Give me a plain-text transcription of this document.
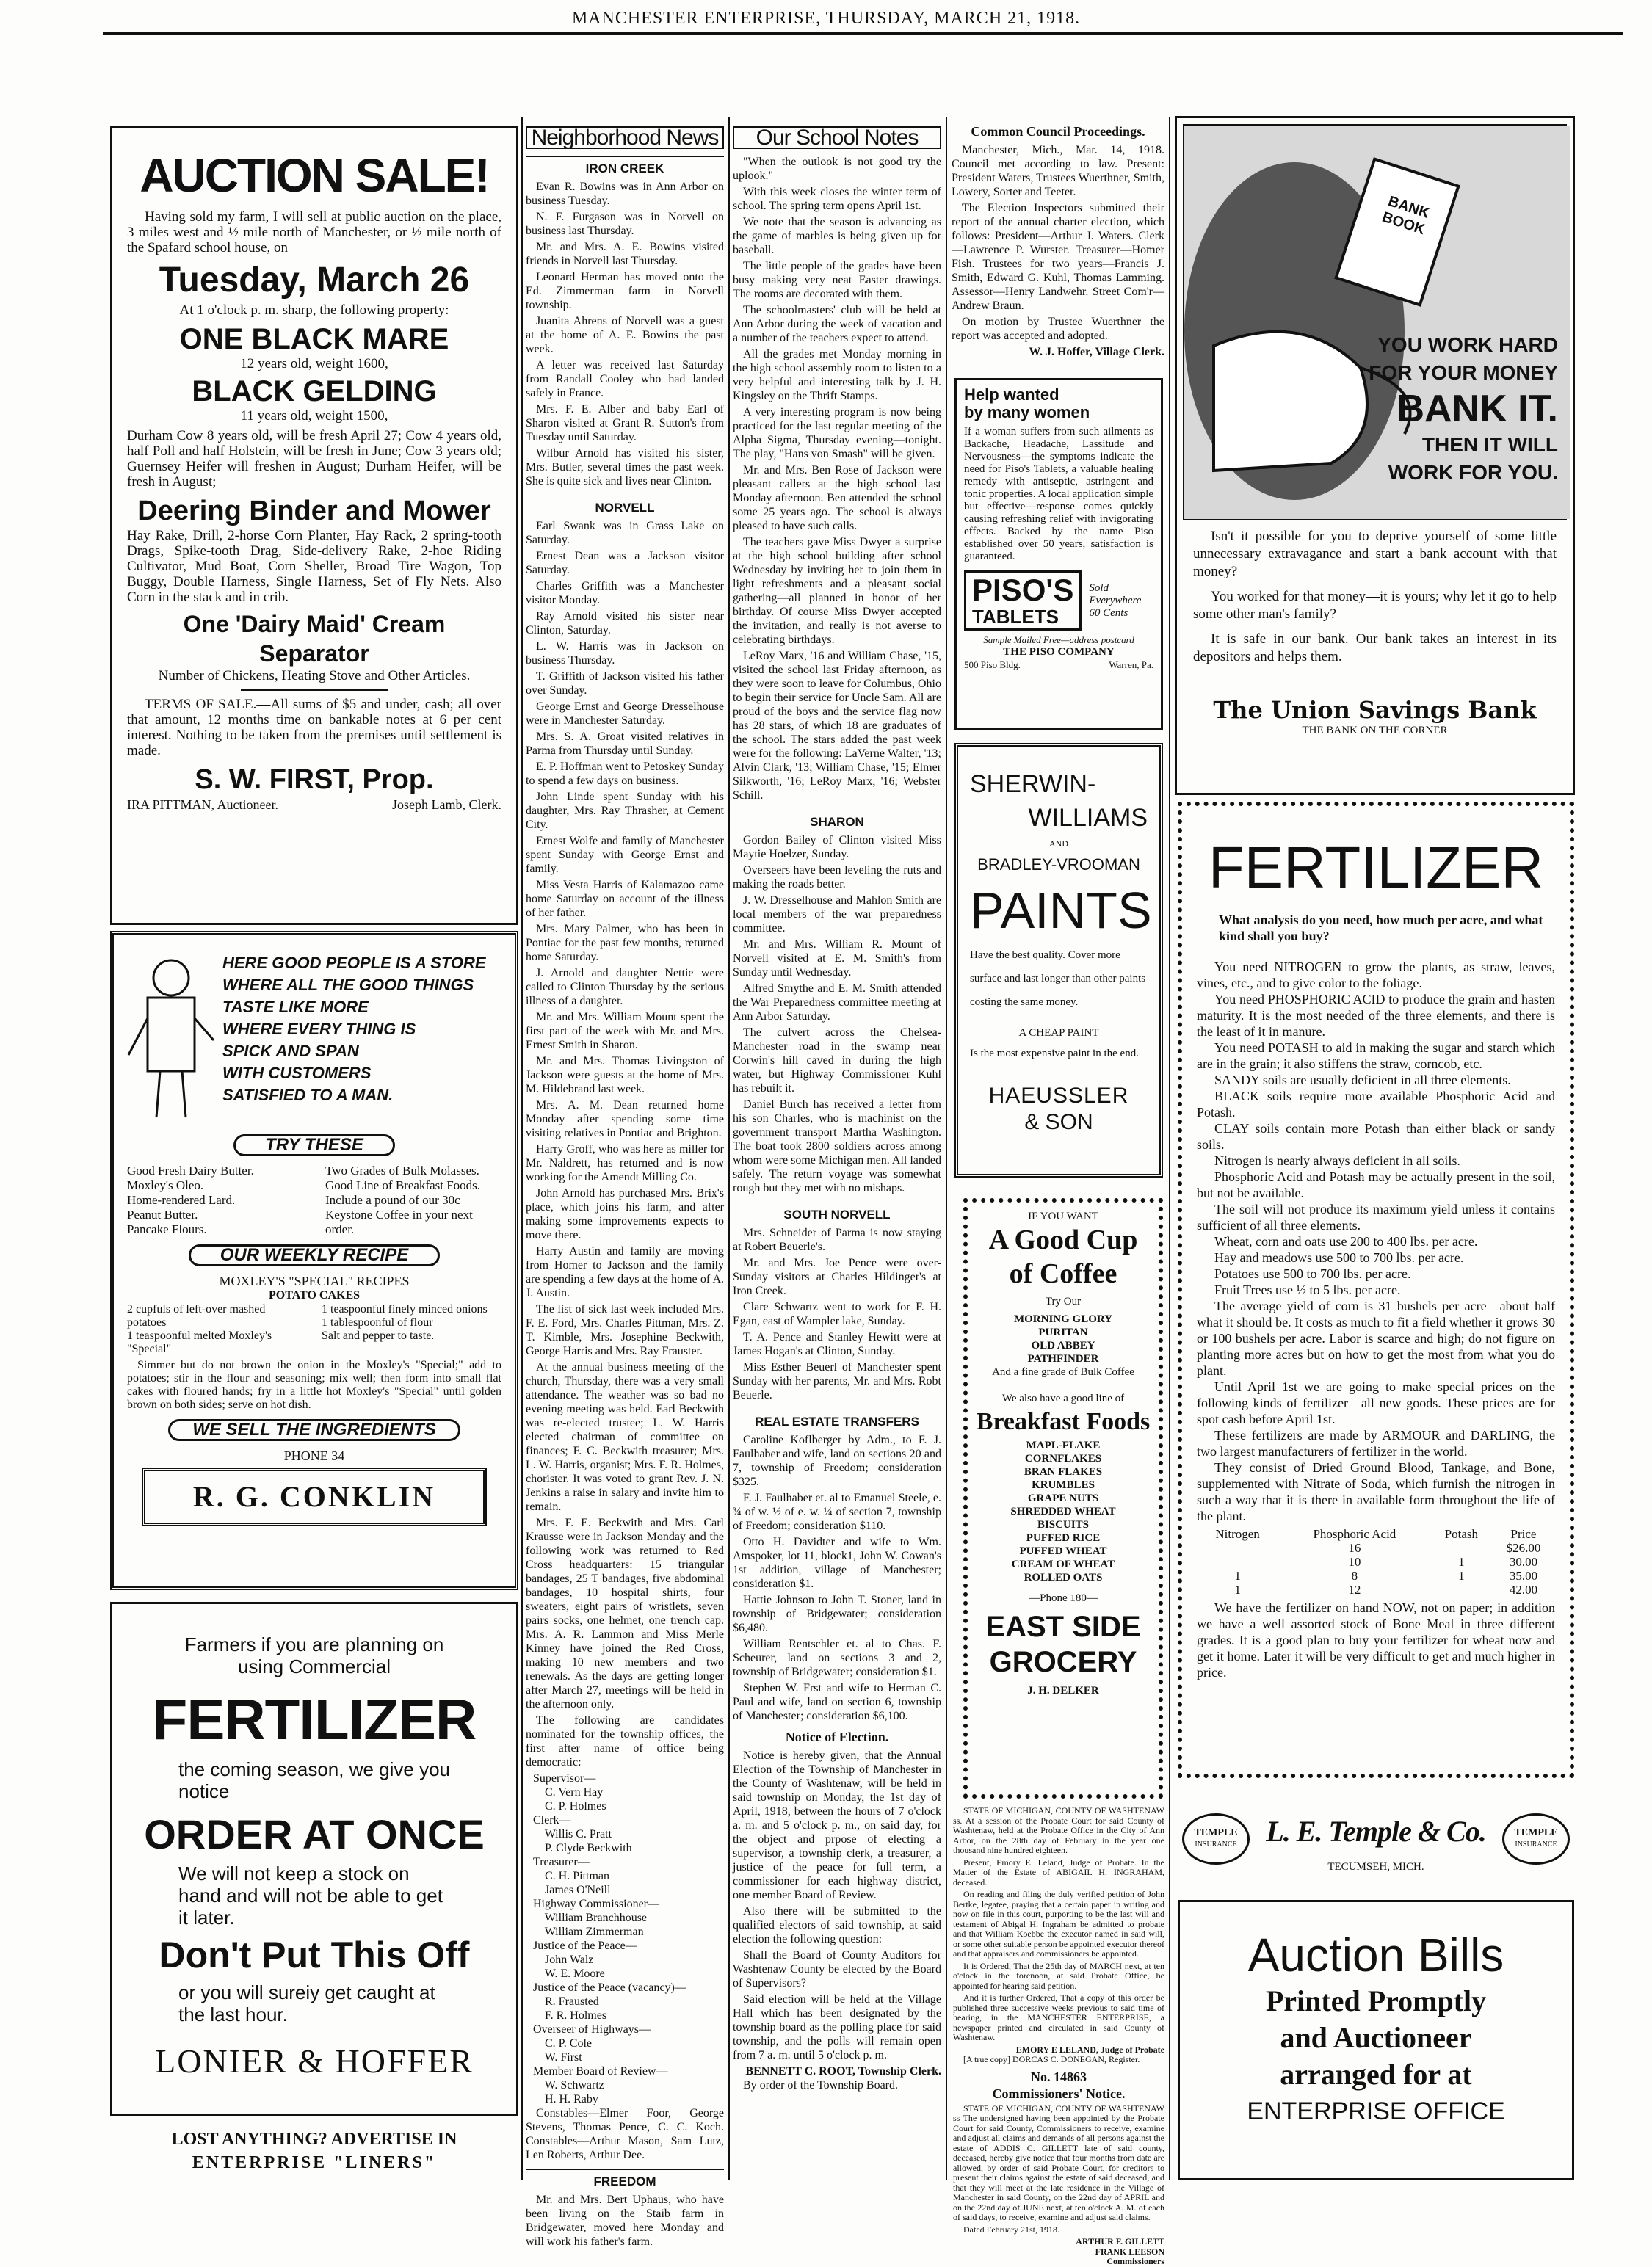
MANCHESTER ENTERPRISE, THURSDAY, MARCH 21, 1918.
AUCTION SALE!
Having sold my farm, I will sell at public auction on the place, 3 miles west and ½ mile north of Manchester, or ½ mile north of the Spafard school house, on
Tuesday, March 26
At 1 o'clock p. m. sharp, the following property:
ONE BLACK MARE
12 years old, weight 1600,
BLACK GELDING
11 years old, weight 1500,
Durham Cow 8 years old, will be fresh April 27; Cow 4 years old, half Poll and half Holstein, will be fresh in June; Cow 3 years old; Guernsey Heifer will freshen in August; Durham Heifer, will be fresh in August;
Deering Binder and Mower
Hay Rake, Drill, 2-horse Corn Planter, Hay Rack, 2 spring-tooth Drags, Spike-tooth Drag, Side-delivery Rake, 2-hoe Riding Cultivator, Mud Boat, Corn Sheller, Broad Tire Wagon, Top Buggy, Double Harness, Single Harness, Set of Fly Nets. Also Corn in the stack and in crib.
One 'Dairy Maid' Cream Separator
Number of Chickens, Heating Stove and Other Articles.
TERMS OF SALE.—All sums of $5 and under, cash; all over that amount, 12 months time on bankable notes at 6 per cent interest. Nothing to be taken from the premises until settlement is made.
S. W. FIRST, Prop.
IRA PITTMAN, Auctioneer.	Joseph Lamb, Clerk.
HERE GOOD PEOPLE IS A STORE
WHERE ALL THE GOOD THINGS
TASTE LIKE MORE
WHERE EVERY THING IS
SPICK AND SPAN
WITH CUSTOMERS
SATISFIED TO A MAN.
TRY THESE
Good Fresh Dairy Butter.
Moxley's Oleo.
Home-rendered Lard.
Peanut Butter.
Pancake Flours.
Two Grades of Bulk Molasses.
Good Line of Breakfast Foods.
Include a pound of our 30c Keystone Coffee in your next order.
OUR WEEKLY RECIPE
MOXLEY'S "SPECIAL" RECIPES
POTATO CAKES
2 cupfuls of left-over mashed potatoes
1 teaspoonful melted Moxley's "Special"
1 teaspoonful finely minced onions
1 tablespoonful of flour
Salt and pepper to taste.
Simmer but do not brown the onion in the Moxley's "Special;" add to potatoes; stir in the flour and seasoning; mix well; then form into small flat cakes with floured hands; fry in a little hot Moxley's "Special" until golden brown on both sides; serve on hot dish.
WE SELL THE INGREDIENTS
PHONE 34
R. G. CONKLIN
Farmers if you are planning on using Commercial
FERTILIZER
the coming season, we give you notice
ORDER AT ONCE
We will not keep a stock on hand and will not be able to get it later.
Don't Put This Off
or you will sureiy get caught at the last hour.
LONIER & HOFFER
LOST ANYTHING? ADVERTISE IN
ENTERPRISE "LINERS"
Neighborhood News
IRON CREEK
Evan R. Bowins was in Ann Arbor on business Tuesday.
N. F. Furgason was in Norvell on business last Thursday.
Mr. and Mrs. A. E. Bowins visited friends in Norvell last Thursday.
Leonard Herman has moved onto the Ed. Zimmerman farm in Norvell township.
Juanita Ahrens of Norvell was a guest at the home of A. E. Bowins the past week.
A letter was received last Saturday from Randall Cooley who had landed safely in France.
Mrs. F. E. Alber and baby Earl of Sharon visited at Grant R. Sutton's from Tuesday until Saturday.
Wilbur Arnold has visited his sister, Mrs. Butler, several times the past week. She is quite sick and lives near Clinton.
NORVELL
Earl Swank was in Grass Lake on Saturday.
Ernest Dean was a Jackson visitor Saturday.
Charles Griffith was a Manchester visitor Monday.
Ray Arnold visited his sister near Clinton, Saturday.
L. W. Harris was in Jackson on business Thursday.
T. Griffith of Jackson visited his father over Sunday.
George Ernst and George Dresselhouse were in Manchester Saturday.
Mrs. S. A. Groat visited relatives in Parma from Thursday until Sunday.
E. P. Hoffman went to Petoskey Sunday to spend a few days on business.
John Linde spent Sunday with his daughter, Mrs. Ray Thrasher, at Cement City.
Ernest Wolfe and family of Manchester spent Sunday with George Ernst and family.
Miss Vesta Harris of Kalamazoo came home Saturday on account of the illness of her father.
Mrs. Mary Palmer, who has been in Pontiac for the past few months, returned home Saturday.
J. Arnold and daughter Nettie were called to Clinton Thursday by the serious illness of a daughter.
Mr. and Mrs. William Mount spent the first part of the week with Mr. and Mrs. Ernest Smith in Sharon.
Mr. and Mrs. Thomas Livingston of Jackson were guests at the home of Mrs. M. Hildebrand last week.
Mrs. A. M. Dean returned home Monday after spending some time visiting relatives in Pontiac and Brighton.
Harry Groff, who was here as miller for Mr. Naldrett, has returned and is now working for the Amendt Milling Co.
John Arnold has purchased Mrs. Brix's place, which joins his farm, and after making some improvements expects to move there.
Harry Austin and family are moving from Homer to Jackson and the family are spending a few days at the home of A. J. Austin.
The list of sick last week included Mrs. F. E. Ford, Mrs. Charles Pittman, Mrs. Z. T. Kimble, Mrs. Josephine Beckwith, George Harris and Mrs. Ray Frauster.
At the annual business meeting of the church, Thursday, there was a very small attendance. The weather was so bad no evening meeting was held. Earl Beckwith was re-elected trustee; L. W. Harris elected chairman of committee on finances; F. C. Beckwith treasurer; Mrs. L. W. Harris, organist; Mrs. F. R. Holmes, chorister. It was voted to grant Rev. J. N. Jenkins a raise in salary and invite him to remain.
Mrs. F. E. Beckwith and Mrs. Carl Krausse were in Jackson Monday and the following work was returned to Red Cross headquarters: 15 triangular bandages, 25 T bandages, five abdominal bandages, 10 hospital shirts, four sweaters, eight pairs of wristlets, seven pairs socks, one helmet, one trench cap. Mrs. A. R. Lammon and Miss Merle Kinney have joined the Red Cross, making 10 new members and two renewals. As the days are getting longer after March 27, meetings will be held in the afternoon only.
The following are candidates nominated for the township offices, the first after name of office being democratic:
Supervisor—
C. Vern Hay
C. P. Holmes
Clerk—
Willis C. Pratt
P. Clyde Beckwith
Treasurer—
C. H. Pittman
James O'Neill
Highway Commissioner—
William Branchhouse
William Zimmerman
Justice of the Peace—
John Walz
W. E. Moore
Justice of the Peace (vacancy)—
R. Frausted
F. R. Holmes
Overseer of Highways—
C. P. Cole
W. First
Member Board of Review—
W. Schwartz
H. H. Raby
Constables—Elmer Foor, George Stevens, Thomas Pence, C. C. Koch. Constables—Arthur Mason, Sam Lutz, Len Roberts, Arthur Dee.
FREEDOM
Mr. and Mrs. Bert Uphaus, who have been living on the Staib farm in Bridgewater, moved here Monday and will work his father's farm.
Our School Notes
"When the outlook is not good try the uplook."
With this week closes the winter term of school. The spring term opens April 1st.
We note that the season is advancing as the game of marbles is being given up for baseball.
The little people of the grades have been busy making very neat Easter drawings. The rooms are decorated with them.
The schoolmasters' club will be held at Ann Arbor during the week of vacation and a number of the teachers expect to attend.
All the grades met Monday morning in the high school assembly room to listen to a very helpful and interesting talk by J. H. Kingsley on the Thrift Stamps.
A very interesting program is now being practiced for the last regular meeting of the Alpha Sigma, Thursday evening—tonight. The play, "Hans von Smash" will be given.
Mr. and Mrs. Ben Rose of Jackson were pleasant callers at the high school last Monday afternoon. Ben attended the school some 25 years ago. The school is always pleased to have such calls.
The teachers gave Miss Dwyer a surprise at the high school building after school Wednesday by inviting her to join them in light refreshments and a pleasant social gathering—all planned in honor of her birthday. Of course Miss Dwyer accepted the invitation, and really is not averse to celebrating birthdays.
LeRoy Marx, '16 and William Chase, '15, visited the school last Friday afternoon, as they were soon to leave for Columbus, Ohio to begin their service for Uncle Sam. All are proud of the boys and the service flag now has 28 stars, of which 18 are graduates of the school. The stars added the past week were for the following: LaVerne Walter, '13; Alvin Clark, '13; William Chase, '15; Elmer Silkworth, '16; LeRoy Marx, '16; Webster Schill.
SHARON
Gordon Bailey of Clinton visited Miss Maytie Hoelzer, Sunday.
Overseers have been leveling the ruts and making the roads better.
J. W. Dresselhouse and Mahlon Smith are local members of the war preparedness committee.
Mr. and Mrs. William R. Mount of Norvell visited at E. M. Smith's from Sunday until Wednesday.
Alfred Smythe and E. M. Smith attended the War Preparedness committee meeting at Ann Arbor Saturday.
The culvert across the Chelsea-Manchester road in the swamp near Corwin's hill caved in during the high water, but Highway Commissioner Kuhl has rebuilt it.
Daniel Burch has received a letter from his son Charles, who is machinist on the government transport Martha Washington. The boat took 2800 soldiers across among whom were some Michigan men. All landed safely. The return voyage was somewhat rough but they met with no mishaps.
SOUTH NORVELL
Mrs. Schneider of Parma is now staying at Robert Beuerle's.
Mr. and Mrs. Joe Pence were over-Sunday visitors at Charles Hildinger's at Iron Creek.
Clare Schwartz went to work for F. H. Egan, east of Wampler lake, Sunday.
T. A. Pence and Stanley Hewitt were at James Hogan's at Clinton, Sunday.
Miss Esther Beuerl of Manchester spent Sunday with her parents, Mr. and Mrs. Robt Beuerle.
REAL ESTATE TRANSFERS
Caroline Koflberger by Adm., to F. J. Faulhaber and wife, land on sections 20 and 7, township of Freedom; consideration $325.
F. J. Faulhaber et. al to Emanuel Steele, e. ¾ of w. ½ of e. w. ¼ of section 7, township of Freedom; consideration $110.
Otto H. Davidter and wife to Wm. Amspoker, lot 11, block1, John W. Cowan's 1st addition, village of Manchester; consideration $1.
Hattie Johnson to John T. Stoner, land in township of Bridgewater; consideration $6,480.
William Rentschler et. al to Chas. F. Scheurer, land on sections 3 and 2, township of Bridgewater; consideration $1.
Stephen W. Frst and wife to Herman C. Paul and wife, land on section 6, township of Manchester; consideration $6,100.
Notice of Election.
Notice is hereby given, that the Annual Election of the Township of Manchester in the County of Washtenaw, will be held in said township on Monday, the 1st day of April, 1918, between the hours of 7 o'clock a. m. and 5 o'clock p. m., on said day, for the object and prpose of electing a supervisor, a township clerk, a treasurer, a justice of the peace for full term, a commissioner for each highway district, one member Board of Review.
Also there will be submitted to the qualified electors of said township, at said election the following question:
Shall the Board of County Auditors for Washtenaw County be elected by the Board of Supervisors?
Said election will be held at the Village Hall which has been designated by the township board as the polling place for said township, and the polls will remain open from 7 a. m. until 5 o'clock p. m.
BENNETT C. ROOT, Township Clerk.
By order of the Township Board.
Common Council Proceedings.
Manchester, Mich., Mar. 14, 1918. Council met according to law. Present: President Waters, Trustees Wuerthner, Smith, Lowery, Sorter and Teeter.
The Election Inspectors submitted their report of the annual charter election, which follows: President—Arthur J. Waters. Clerk—Lawrence P. Wurster. Treasurer—Homer Fish. Trustees for two years—Francis J. Smith, Edward G. Kuhl, Thomas Lamming. Assessor—Henry Landwehr. Street Com'r—Andrew Braun.
On motion by Trustee Wuerthner the report was accepted and adopted.
W. J. Hoffer, Village Clerk.
Help wanted
by many women
If a woman suffers from such ailments as Backache, Headache, Lassitude and Nervousness—the symptoms indicate the need for Piso's Tablets, a valuable healing remedy with antiseptic, astringent and tonic properties. A local application simple but effective—response comes quickly causing refreshing relief with invigorating effects. Backed by the name Piso established over 50 years, satisfaction is guaranteed.
PISO'S
TABLETS
Sold Everywhere 60 Cents
Sample Mailed Free—address postcard
THE PISO COMPANY
500 Piso Bldg.	Warren, Pa.
SHERWIN-
WILLIAMS
AND
BRADLEY-VROOMAN
PAINTS
Have the best quality. Cover more surface and last longer than other paints costing the same money.
A CHEAP PAINT
Is the most expensive paint in the end.
HAEUSSLER
& SON
IF YOU WANT
A Good Cup
of Coffee
Try Our
MORNING GLORY
PURITAN
OLD ABBEY
PATHFINDER
And a fine grade of Bulk Coffee
We also have a good line of
Breakfast Foods
MAPL-FLAKE
CORNFLAKES
BRAN FLAKES
KRUMBLES
GRAPE NUTS
SHREDDED WHEAT
BISCUITS
PUFFED RICE
PUFFED WHEAT
CREAM OF WHEAT
ROLLED OATS
—Phone 180—
EAST SIDE
GROCERY
J. H. DELKER
STATE OF MICHIGAN, COUNTY OF WASHTENAW ss. At a session of the Probate Court for said County of Washtenaw, held at the Probate Office in the City of Ann Arbor, on the 28th day of February in the year one thousand nine hundred eighteen.
Present, Emory E. Leland, Judge of Probate. In the Matter of the Estate of ABIGAIL H. INGRAHAM, deceased.
On reading and filing the duly verified petition of John Bertke, legatee, praying that a certain paper in writing and now on file in this court, purporting to be the last will and testament of Abigal H. Ingraham be admitted to probate and that William Koebbe the executor named in said will, or some other suitable person be appointed executor thereof and that appraisers and commissioners be appointed.
It is Ordered, That the 25th day of MARCH next, at ten o'clock in the forenoon, at said Probate Office, be appointed for hearing said petition.
And it is further Ordered, That a copy of this order be published three successive weeks previous to said time of hearing, in the MANCHESTER ENTERPRISE, a newspaper printed and circulated in said County of Washtenaw.
EMORY E LELAND, Judge of Probate
[A true copy] DORCAS C. DONEGAN, Register.
No. 14863
Commissioners' Notice.
STATE OF MICHIGAN, COUNTY OF WASHTENAW ss The undersigned having been appointed by the Probate Court for said County, Commissioners to receive, examine and adjust all claims and demands of all persons against the estate of ADDIS C. GILLETT late of said county, deceased, hereby give notice that four months from date are allowed, by order of said Probate Court, for creditors to present their claims against the estate of said deceased, and that they will meet at the late residence in the Village of Manchester in said County, on the 22nd day of APRIL and on the 22nd day of JUNE next, at ten o'clock A. M. of each of said days, to receive, examine and adjust said claims.
Dated February 21st, 1918.
ARTHUR F. GILLETT
FRANK LEESON
Commissioners
BANK BOOK
YOU WORK HARD
FOR YOUR MONEY
BANK IT.
THEN IT WILL
WORK FOR YOU.
Isn't it possible for you to deprive yourself of some little unnecessary extravagance and start a bank account with that money?
You worked for that money—it is yours; why let it go to help some other man's family?
It is safe in our bank. Our bank takes an interest in its depositors and helps them.
The Union Savings Bank
THE BANK ON THE CORNER
FERTILIZER
What analysis do you need, how much per acre, and what kind shall you buy?
You need NITROGEN to grow the plants, as straw, leaves, vines, etc., and to give color to the foliage.
You need PHOSPHORIC ACID to produce the grain and hasten maturity. It is the most needed of the three elements, and there is the least of it in manure.
You need POTASH to aid in making the sugar and starch which are in the grain; it also stiffens the straw, corncob, etc.
SANDY soils are usually deficient in all three elements.
BLACK soils require more available Phosphoric Acid and Potash.
CLAY soils contain more Potash than either black or sandy soils.
Nitrogen is nearly always deficient in all soils.
Phosphoric Acid and Potash may be actually present in the soil, but not be available.
The soil will not produce its maximum yield unless it contains sufficient of all three elements.
Wheat, corn and oats use 200 to 400 lbs. per acre.
Hay and meadows use 500 to 700 lbs. per acre.
Potatoes use 500 to 700 lbs. per acre.
Fruit Trees use ½ to 5 lbs. per acre.
The average yield of corn is 31 bushels per acre—about half what it should be. It costs as much to fit a field whether it grows 30 or 100 bushels per acre. Labor is scarce and high; do not figure on planting more acres but on how to get the most from what you do plant.
Until April 1st we are going to make special prices on the following kinds of fertilizer—all new goods. These prices are for spot cash before April 1st.
These fertilizers are made by ARMOUR and DARLING, the two largest manufacturers of fertilizer in the world.
They consist of Dried Ground Blood, Tankage, and Bone, supplemented with Nitrate of Soda, which furnish the nitrogen in such a way that it is there in available form throughout the life of the plant.
Nitrogen	Phosphoric Acid	Potash	Price
	16		$26.00
	10	1	30.00
1	8	1	35.00
1	12		42.00
We have the fertilizer on hand NOW, not on paper; in addition we have a well assorted stock of Bone Meal in three different grades. It is a good plan to buy your fertilizer for wheat now and get it home. Later it will be very difficult to get and much higher in price.
TEMPLE
INSURANCE L. E. Temple & Co.
TECUMSEH, MICH.
TEMPLE
INSURANCE
Auction Bills
Printed Promptly
and Auctioneer
arranged for at
ENTERPRISE OFFICE
